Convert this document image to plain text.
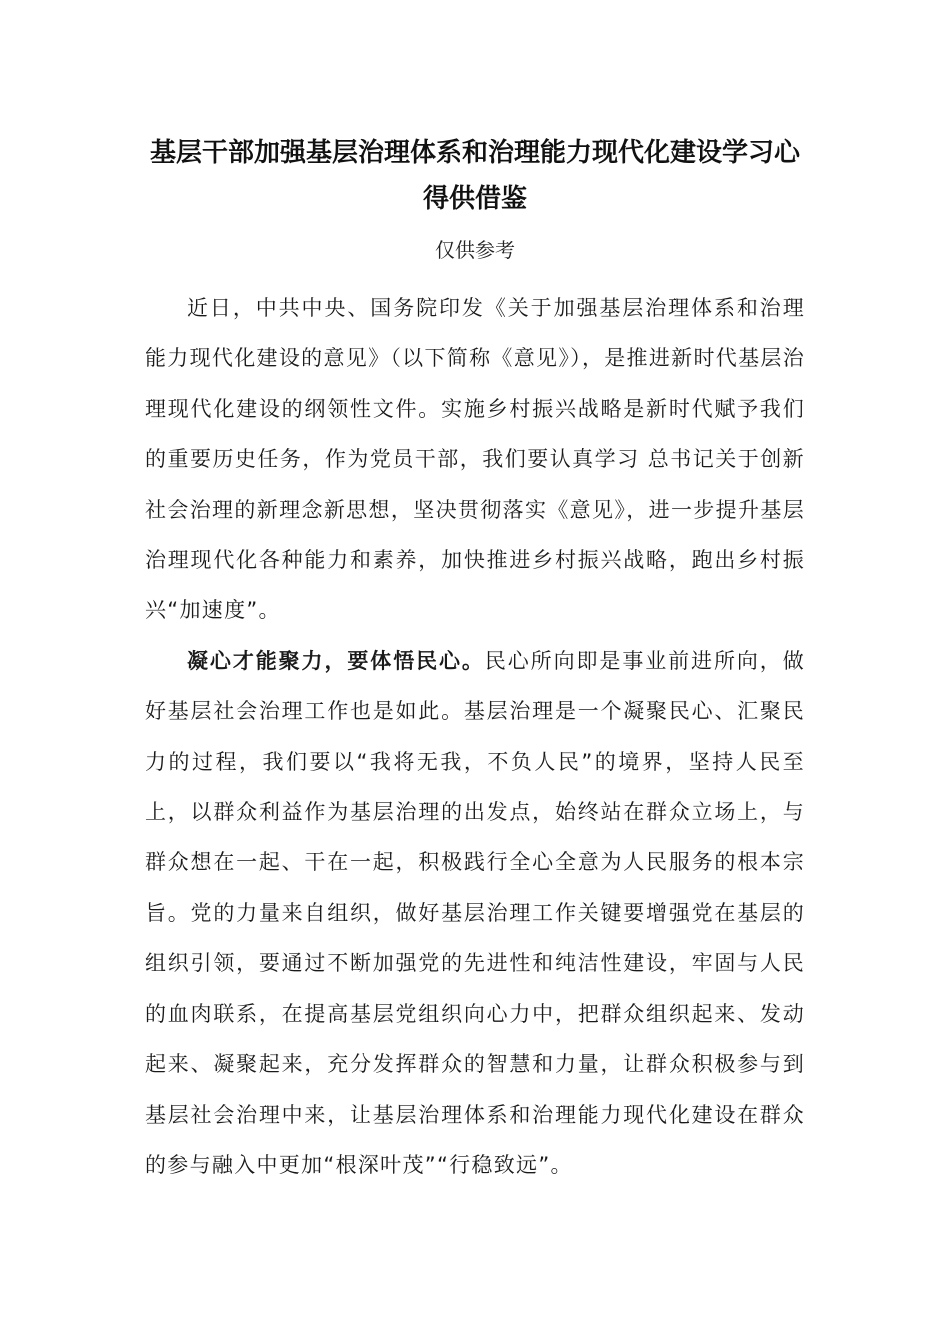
基层干部加强基层治理体系和治理能力现代化建设学习心得供借鉴
仅供参考

近日，中共中央、国务院印发《关于加强基层治理体系和治理能力现代化建设的意见》（以下简称《意见》），是推进新时代基层治理现代化建设的纲领性文件。实施乡村振兴战略是新时代赋予我们的重要历史任务，作为党员干部，我们要认真学习 总书记关于创新社会治理的新理念新思想，坚决贯彻落实《意见》，进一步提升基层治理现代化各种能力和素养，加快推进乡村振兴战略，跑出乡村振兴“加速度”。

凝心才能聚力，要体悟民心。民心所向即是事业前进所向，做好基层社会治理工作也是如此。基层治理是一个凝聚民心、汇聚民力的过程，我们要以“我将无我，不负人民”的境界，坚持人民至上，以群众利益作为基层治理的出发点，始终站在群众立场上，与群众想在一起、干在一起，积极践行全心全意为人民服务的根本宗旨。党的力量来自组织，做好基层治理工作关键要增强党在基层的组织引领，要通过不断加强党的先进性和纯洁性建设，牢固与人民的血肉联系，在提高基层党组织向心力中，把群众组织起来、发动起来、凝聚起来，充分发挥群众的智慧和力量，让群众积极参与到基层社会治理中来，让基层治理体系和治理能力现代化建设在群众的参与融入中更加“根深叶茂”“行稳致远”。
